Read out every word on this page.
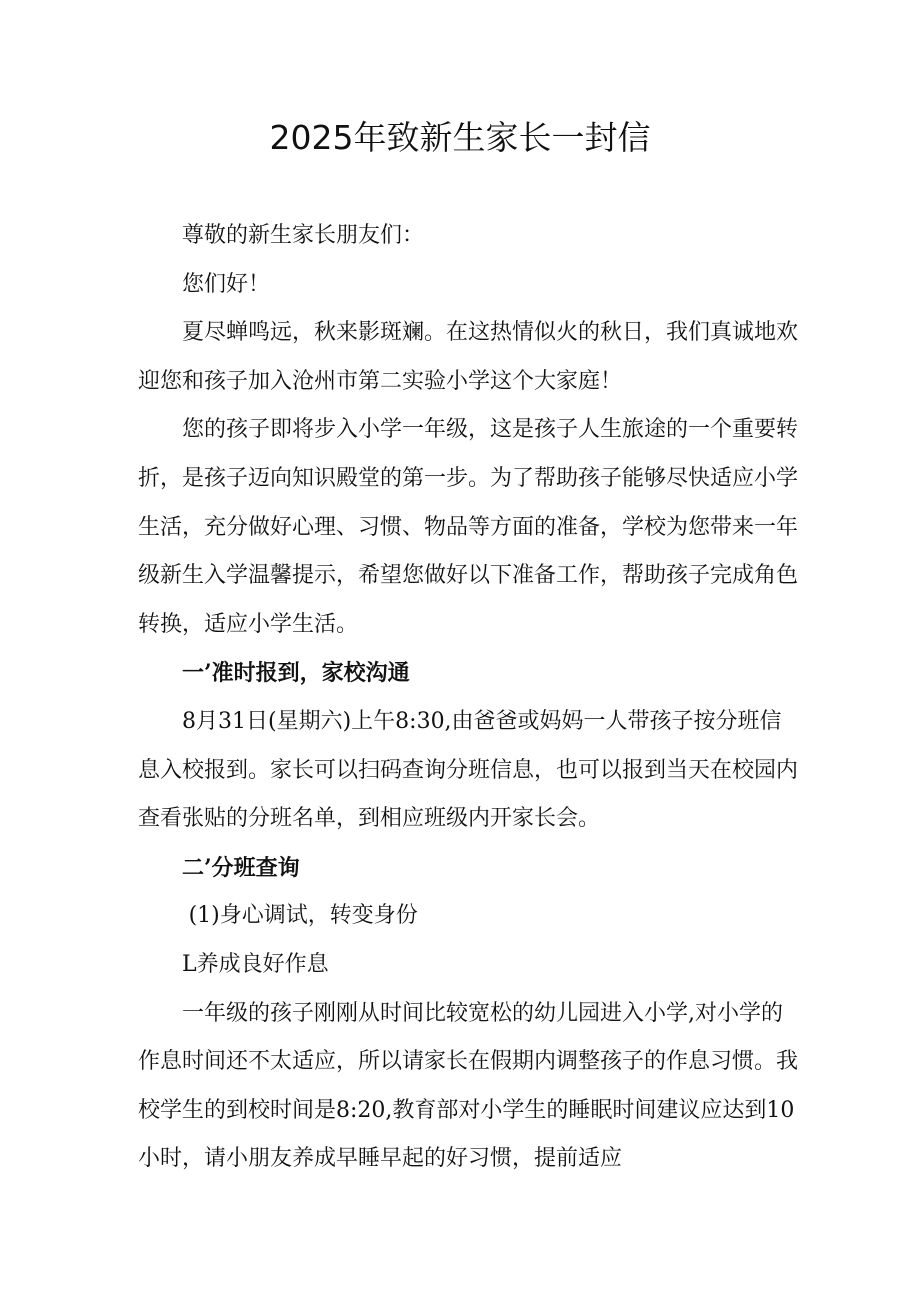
2025年致新生家长一封信

尊敬的新生家长朋友们：

您们好！

夏尽蝉鸣远，秋来影斑斓。在这热情似火的秋日，我们真诚地欢迎您和孩子加入沧州市第二实验小学这个大家庭！

您的孩子即将步入小学一年级，这是孩子人生旅途的一个重要转折，是孩子迈向知识殿堂的第一步。为了帮助孩子能够尽快适应小学生活，充分做好心理、习惯、物品等方面的准备，学校为您带来一年级新生入学温馨提示，希望您做好以下准备工作，帮助孩子完成角色转换，适应小学生活。

一’准时报到，家校沟通

8月31日(星期六)上午8:30,由爸爸或妈妈一人带孩子按分班信息入校报到。家长可以扫码查询分班信息，也可以报到当天在校园内查看张贴的分班名单，到相应班级内开家长会。

二’分班查询

(1)身心调试，转变身份

L养成良好作息

一年级的孩子刚刚从时间比较宽松的幼儿园进入小学,对小学的作息时间还不太适应，所以请家长在假期内调整孩子的作息习惯。我校学生的到校时间是8:20,教育部对小学生的睡眠时间建议应达到10小时，请小朋友养成早睡早起的好习惯，提前适应
